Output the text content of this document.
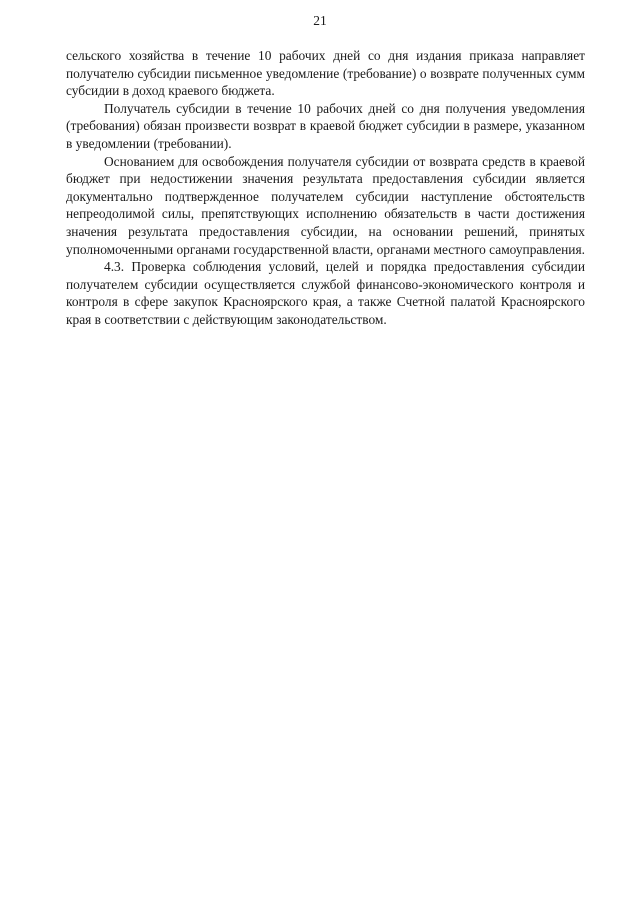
21

сельского хозяйства в течение 10 рабочих дней со дня издания приказа направляет получателю субсидии письменное уведомление (требование) о возврате полученных сумм субсидии в доход краевого бюджета.

Получатель субсидии в течение 10 рабочих дней со дня получения уведомления (требования) обязан произвести возврат в краевой бюджет субсидии в размере, указанном в уведомлении (требовании).

Основанием для освобождения получателя субсидии от возврата средств в краевой бюджет при недостижении значения результата предоставления субсидии является документально подтвержденное получателем субсидии наступление обстоятельств непреодолимой силы, препятствующих исполнению обязательств в части достижения значения результата предоставления субсидии, на основании решений, принятых уполномоченными органами государственной власти, органами местного самоуправления.

4.3. Проверка соблюдения условий, целей и порядка предоставления субсидии получателем субсидии осуществляется службой финансово-экономического контроля и контроля в сфере закупок Красноярского края, а также Счетной палатой Красноярского края в соответствии с действующим законодательством.
